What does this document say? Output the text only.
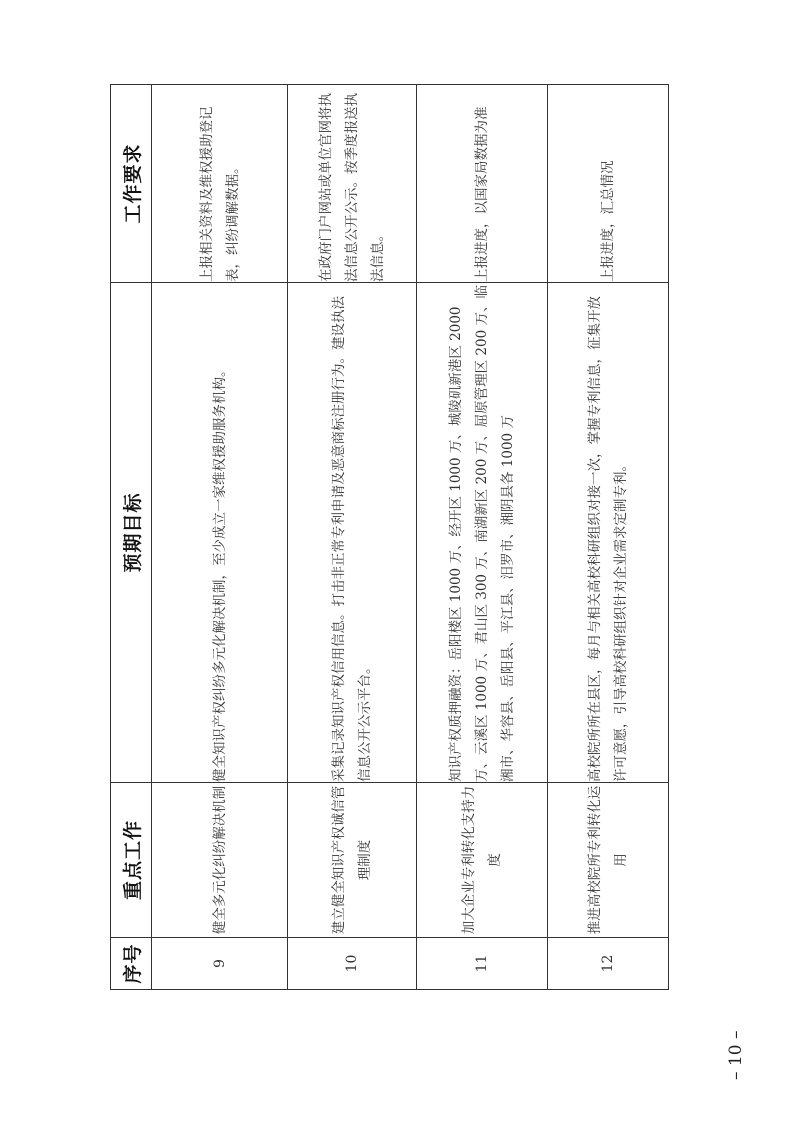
序号	重点工作	预期目标	工作要求
9	健全多元化纠纷解决机制	健全知识产权纠纷多元化解决机制，至少成立一家维权援助服务机构。	上报相关资料及维权援助登记表，纠纷调解数据。
10	建立健全知识产权诚信管理制度	采集记录知识产权信用信息。打击非正常专利申请及恶意商标注册行为。建设执法信息公开公示平台。	在政府门户网站或单位官网将执法信息公开公示。按季度报送执法信息。
11	加大企业专利转化支持力度	知识产权质押融资：岳阳楼区 1000 万、经开区 1000 万、城陵矶新港区 2000 万、云溪区 1000 万、君山区 300 万、南湖新区 200 万、屈原管理区 200 万、临湘市、华容县、岳阳县、平江县、汨罗市、湘阴县各 1000 万	上报进度，以国家局数据为准
12	推进高校院所专利转化运用	高校院所所在县区，每月与相关高校科研组织对接一次，掌握专利信息，征集开放许可意愿，引导高校科研组织针对企业需求定制专利。	上报进度，汇总情况
– 10 –
